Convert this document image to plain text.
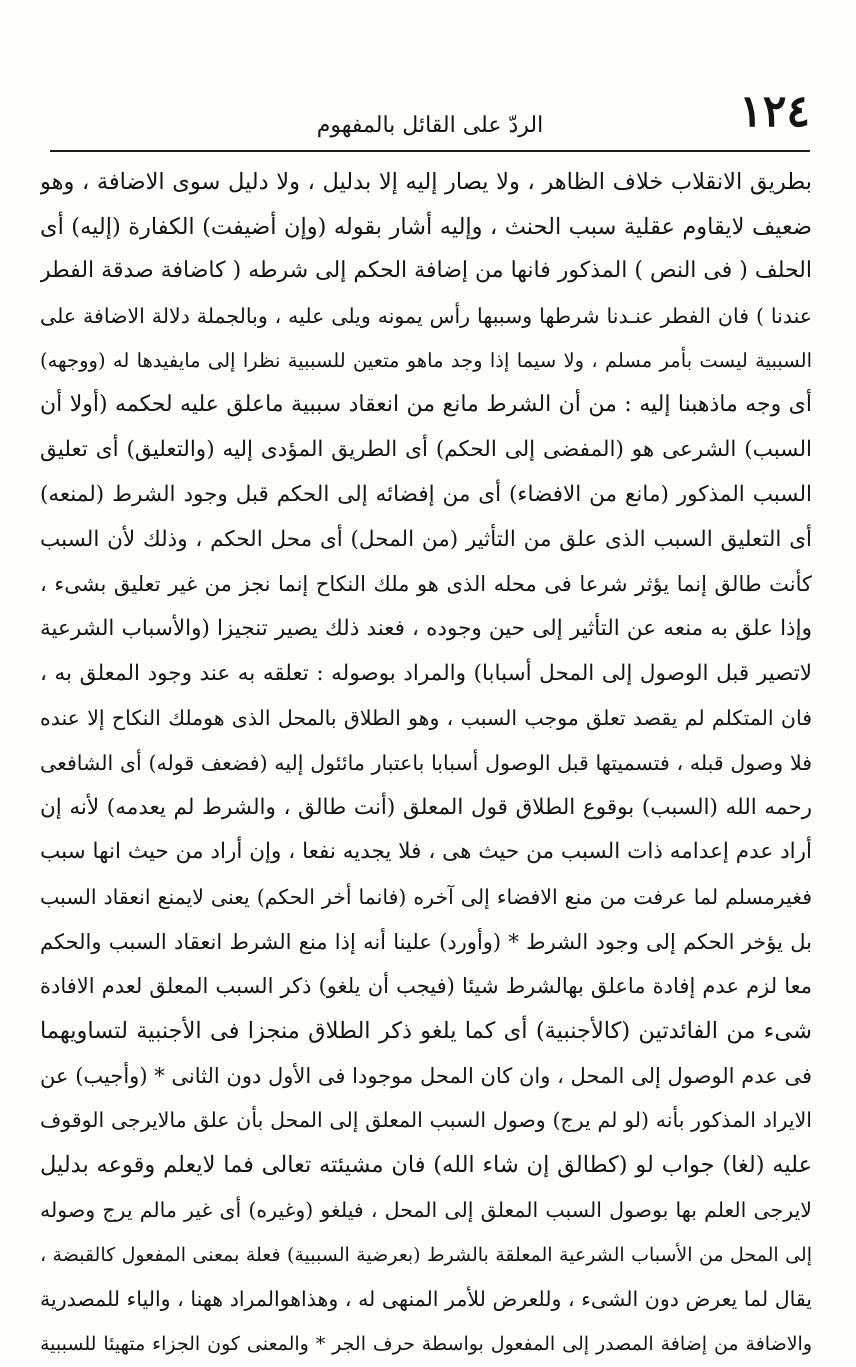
١٢٤
الردّ على القائل بالمفهوم
بطريق الانقلاب خلاف الظاهر ، ولا يصار إليه إلا بدليل ، ولا دليل سوى الاضافة ، وهو
ضعيف لايقاوم عقلية سبب الحنث ، وإليه أشار بقوله (وإن أضيفت) الكفارة (إليه) أى
الحلف ( فى النص ) المذكور فانها من إضافة الحكم إلى شرطه ( كاضافة صدقة الفطر
عندنا ) فان الفطر عنـدنا شرطها وسببها رأس يمونه ويلى عليه ، وبالجملة دلالة الاضافة على
السببية ليست بأمر مسلم ، ولا سيما إذا وجد ماهو متعين للسببية نظرا إلى مايفيدها له (ووجهه)
أى وجه ماذهبنا إليه : من أن الشرط مانع من انعقاد سببية ماعلق عليه لحكمه (أولا أن
السبب) الشرعى هو (المفضى إلى الحكم) أى الطريق المؤدى إليه (والتعليق) أى تعليق
السبب المذكور (مانع من الافضاء) أى من إفضائه إلى الحكم قبل وجود الشرط (لمنعه)
أى التعليق السبب الذى علق من التأثير (من المحل) أى محل الحكم ، وذلك لأن السبب
كأنت طالق إنما يؤثر شرعا فى محله الذى هو ملك النكاح إنما نجز من غير تعليق بشىء ،
وإذا علق به منعه عن التأثير إلى حين وجوده ، فعند ذلك يصير تنجيزا (والأسباب الشرعية
لاتصير قبل الوصول إلى المحل أسبابا) والمراد بوصوله : تعلقه به عند وجود المعلق به ،
فان المتكلم لم يقصد تعلق موجب السبب ، وهو الطلاق بالمحل الذى هوملك النكاح إلا عنده
فلا وصول قبله ، فتسميتها قبل الوصول أسبابا باعتبار مائئول إليه (فضعف قوله) أى الشافعى
رحمه الله (السبب) بوقوع الطلاق قول المعلق (أنت طالق ، والشرط لم يعدمه) لأنه إن
أراد عدم إعدامه ذات السبب من حيث هى ، فلا يجديه نفعا ، وإن أراد من حيث انها سبب
فغيرمسلم لما عرفت من منع الافضاء إلى آخره (فانما أخر الحكم) يعنى لايمنع انعقاد السبب
بل يؤخر الحكم إلى وجود الشرط * (وأورد) علينا أنه إذا منع الشرط انعقاد السبب والحكم
معا لزم عدم إفادة ماعلق بهالشرط شيئا (فيجب أن يلغو) ذكر السبب المعلق لعدم الافادة
شىء من الفائدتين (كالأجنبية) أى كما يلغو ذكر الطلاق منجزا فى الأجنبية لتساويهما
فى عدم الوصول إلى المحل ، وان كان المحل موجودا فى الأول دون الثانى * (وأجيب) عن
الايراد المذكور بأنه (لو لم يرج) وصول السبب المعلق إلى المحل بأن علق مالايرجى الوقوف
عليه (لغا) جواب لو (كطالق إن شاء الله) فان مشيئته تعالى فما لايعلم وقوعه بدليل
لايرجى العلم بها بوصول السبب المعلق إلى المحل ، فيلغو (وغيره) أى غير مالم يرج وصوله
إلى المحل من الأسباب الشرعية المعلقة بالشرط (بعرضية السببية) فعلة بمعنى المفعول كالقبضة ،
يقال لما يعرض دون الشىء ، وللعرض للأمر المنهى له ، وهذاهوالمراد ههنا ، والياء للمصدرية
والاضافة من إضافة المصدر إلى المفعول بواسطة حرف الجر * والمعنى كون الجزاء متهيئا للسببية
